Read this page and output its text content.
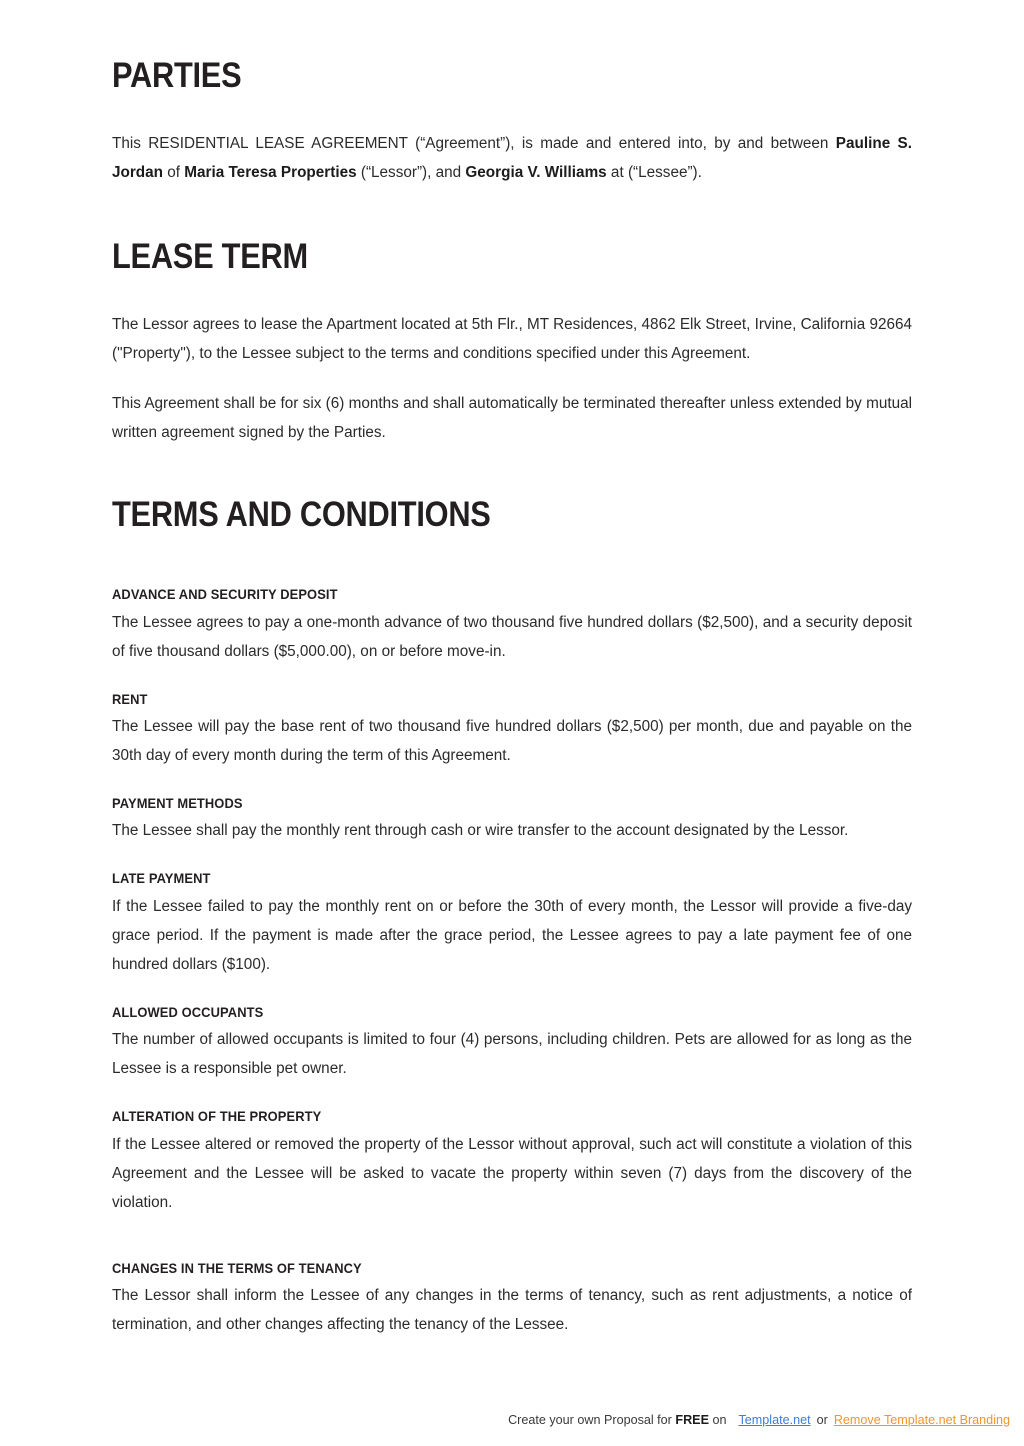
PARTIES

This RESIDENTIAL LEASE AGREEMENT (“Agreement”), is made and entered into, by and between Pauline S. Jordan of Maria Teresa Properties (“Lessor”), and Georgia V. Williams at (“Lessee”).

LEASE TERM

The Lessor agrees to lease the Apartment located at 5th Flr., MT Residences, 4862 Elk Street, Irvine, California 92664 ("Property"), to the Lessee subject to the terms and conditions specified under this Agreement.

This Agreement shall be for six (6) months and shall automatically be terminated thereafter unless extended by mutual written agreement signed by the Parties.

TERMS AND CONDITIONS
ADVANCE AND SECURITY DEPOSIT

The Lessee agrees to pay a one-month advance of two thousand five hundred dollars ($2,500), and a security deposit of five thousand dollars ($5,000.00), on or before move-in.

RENT

The Lessee will pay the base rent of two thousand five hundred dollars ($2,500) per month, due and payable on the 30th day of every month during the term of this Agreement.

PAYMENT METHODS

The Lessee shall pay the monthly rent through cash or wire transfer to the account designated by the Lessor.

LATE PAYMENT

If the Lessee failed to pay the monthly rent on or before the 30th of every month, the Lessor will provide a five-day grace period. If the payment is made after the grace period, the Lessee agrees to pay a late payment fee of one hundred dollars ($100).

ALLOWED OCCUPANTS

The number of allowed occupants is limited to four (4) persons, including children. Pets are allowed for as long as the Lessee is a responsible pet owner.

ALTERATION OF THE PROPERTY

If the Lessee altered or removed the property of the Lessor without approval, such act will constitute a violation of this Agreement and the Lessee will be asked to vacate the property within seven (7) days from the discovery of the violation.

CHANGES IN THE TERMS OF TENANCY

The Lessor shall inform the Lessee of any changes in the terms of tenancy, such as rent adjustments, a notice of termination, and other changes affecting the tenancy of the Lessee.

Create your own Proposal for FREE on Template.net or Remove Template.net Branding
